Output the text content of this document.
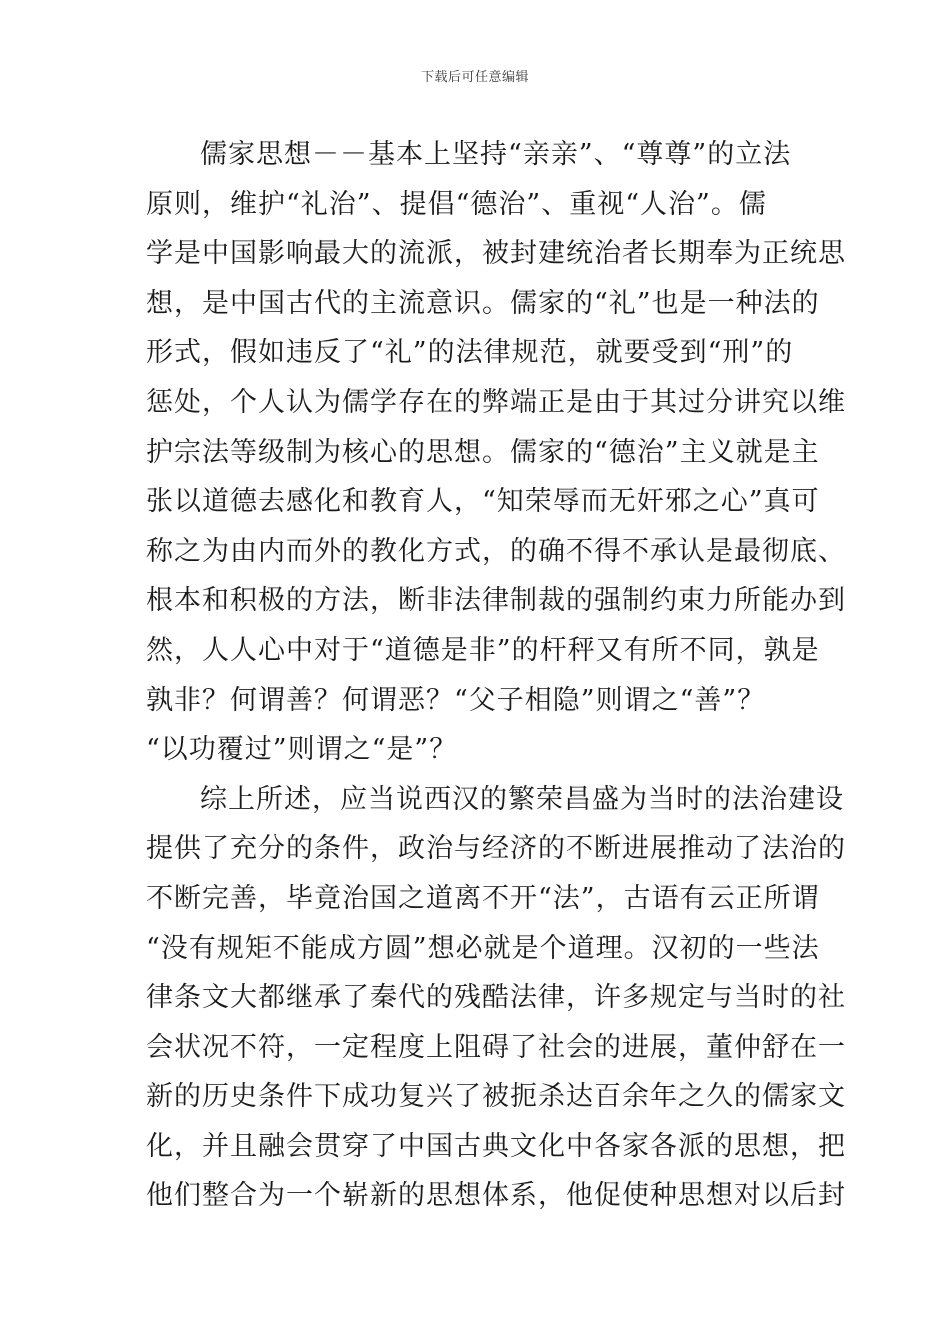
下载后可任意编辑
儒家思想－－基本上坚持“亲亲”、“尊尊”的立法
原则，维护“礼治”、提倡“德治”、重视“人治”。儒
学是中国影响最大的流派，被封建统治者长期奉为正统思
想，是中国古代的主流意识。儒家的“礼”也是一种法的
形式，假如违反了“礼”的法律规范，就要受到“刑”的
惩处，个人认为儒学存在的弊端正是由于其过分讲究以维
护宗法等级制为核心的思想。儒家的“德治”主义就是主
张以道德去感化和教育人，“知荣辱而无奸邪之心”真可
称之为由内而外的教化方式，的确不得不承认是最彻底、
根本和积极的方法，断非法律制裁的强制约束力所能办到
然，人人心中对于“道德是非”的杆秤又有所不同，孰是
孰非？何谓善？何谓恶？“父子相隐”则谓之“善”？
“以功覆过”则谓之“是”？
综上所述，应当说西汉的繁荣昌盛为当时的法治建设
提供了充分的条件，政治与经济的不断进展推动了法治的
不断完善，毕竟治国之道离不开“法”，古语有云正所谓
“没有规矩不能成方圆”想必就是个道理。汉初的一些法
律条文大都继承了秦代的残酷法律，许多规定与当时的社
会状况不符，一定程度上阻碍了社会的进展，董仲舒在一
新的历史条件下成功复兴了被扼杀达百余年之久的儒家文
化，并且融会贯穿了中国古典文化中各家各派的思想，把
他们整合为一个崭新的思想体系，他促使种思想对以后封
